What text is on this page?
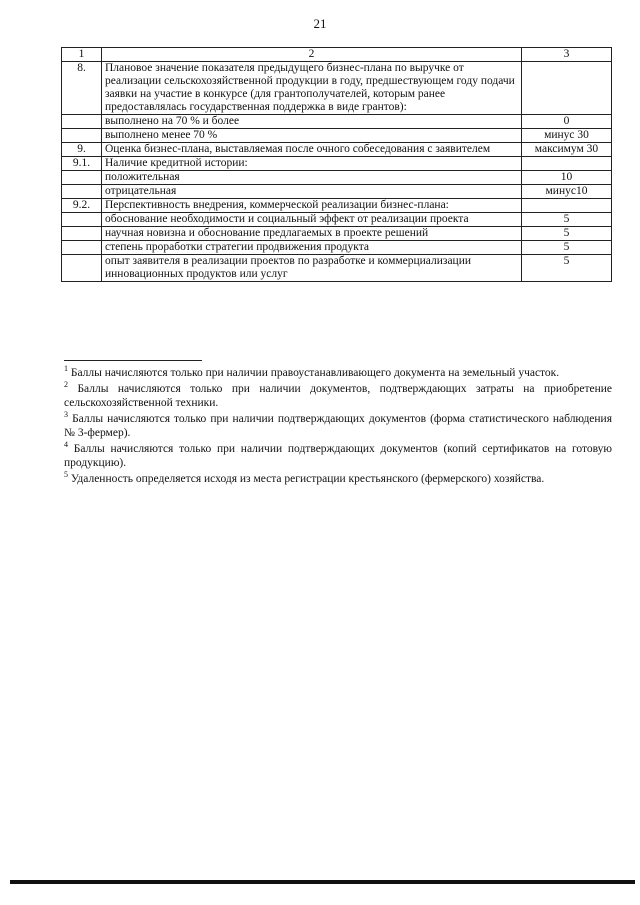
21
1	2	3
8.	Плановое значение показателя предыдущего бизнес-плана по выручке от реализации сельскохозяйственной продукции в году, предшествующем году подачи заявки на участие в конкурсе (для грантополучателей, которым ранее предоставлялась государственная поддержка в виде грантов):	
	выполнено на 70 % и более	0
	выполнено менее 70 %	минус 30
9.	Оценка бизнес-плана, выставляемая после очного собеседования с заявителем	максимум 30
9.1.	Наличие кредитной истории:	
	положительная	10
	отрицательная	минус10
9.2.	Перспективность внедрения, коммерческой реализации бизнес-плана:	
	обоснование необходимости и социальный эффект от реализации проекта	5
	научная новизна и обоснование предлагаемых в проекте решений	5
	степень проработки стратегии продвижения продукта	5
	опыт заявителя в реализации проектов по разработке и коммерциализации инновационных продуктов или услуг	5

$^1$ Баллы начисляются только при наличии правоустанавливающего документа на земельный участок.

$^2$ Баллы начисляются только при наличии документов, подтверждающих затраты на приобретение сельскохозяйственной техники.

$^3$ Баллы начисляются только при наличии подтверждающих документов (форма статистического наблюдения № 3-фермер).

$^4$ Баллы начисляются только при наличии подтверждающих документов (копий сертификатов на готовую продукцию).

$^5$ Удаленность определяется исходя из места регистрации крестьянского (фермерского) хозяйства.
